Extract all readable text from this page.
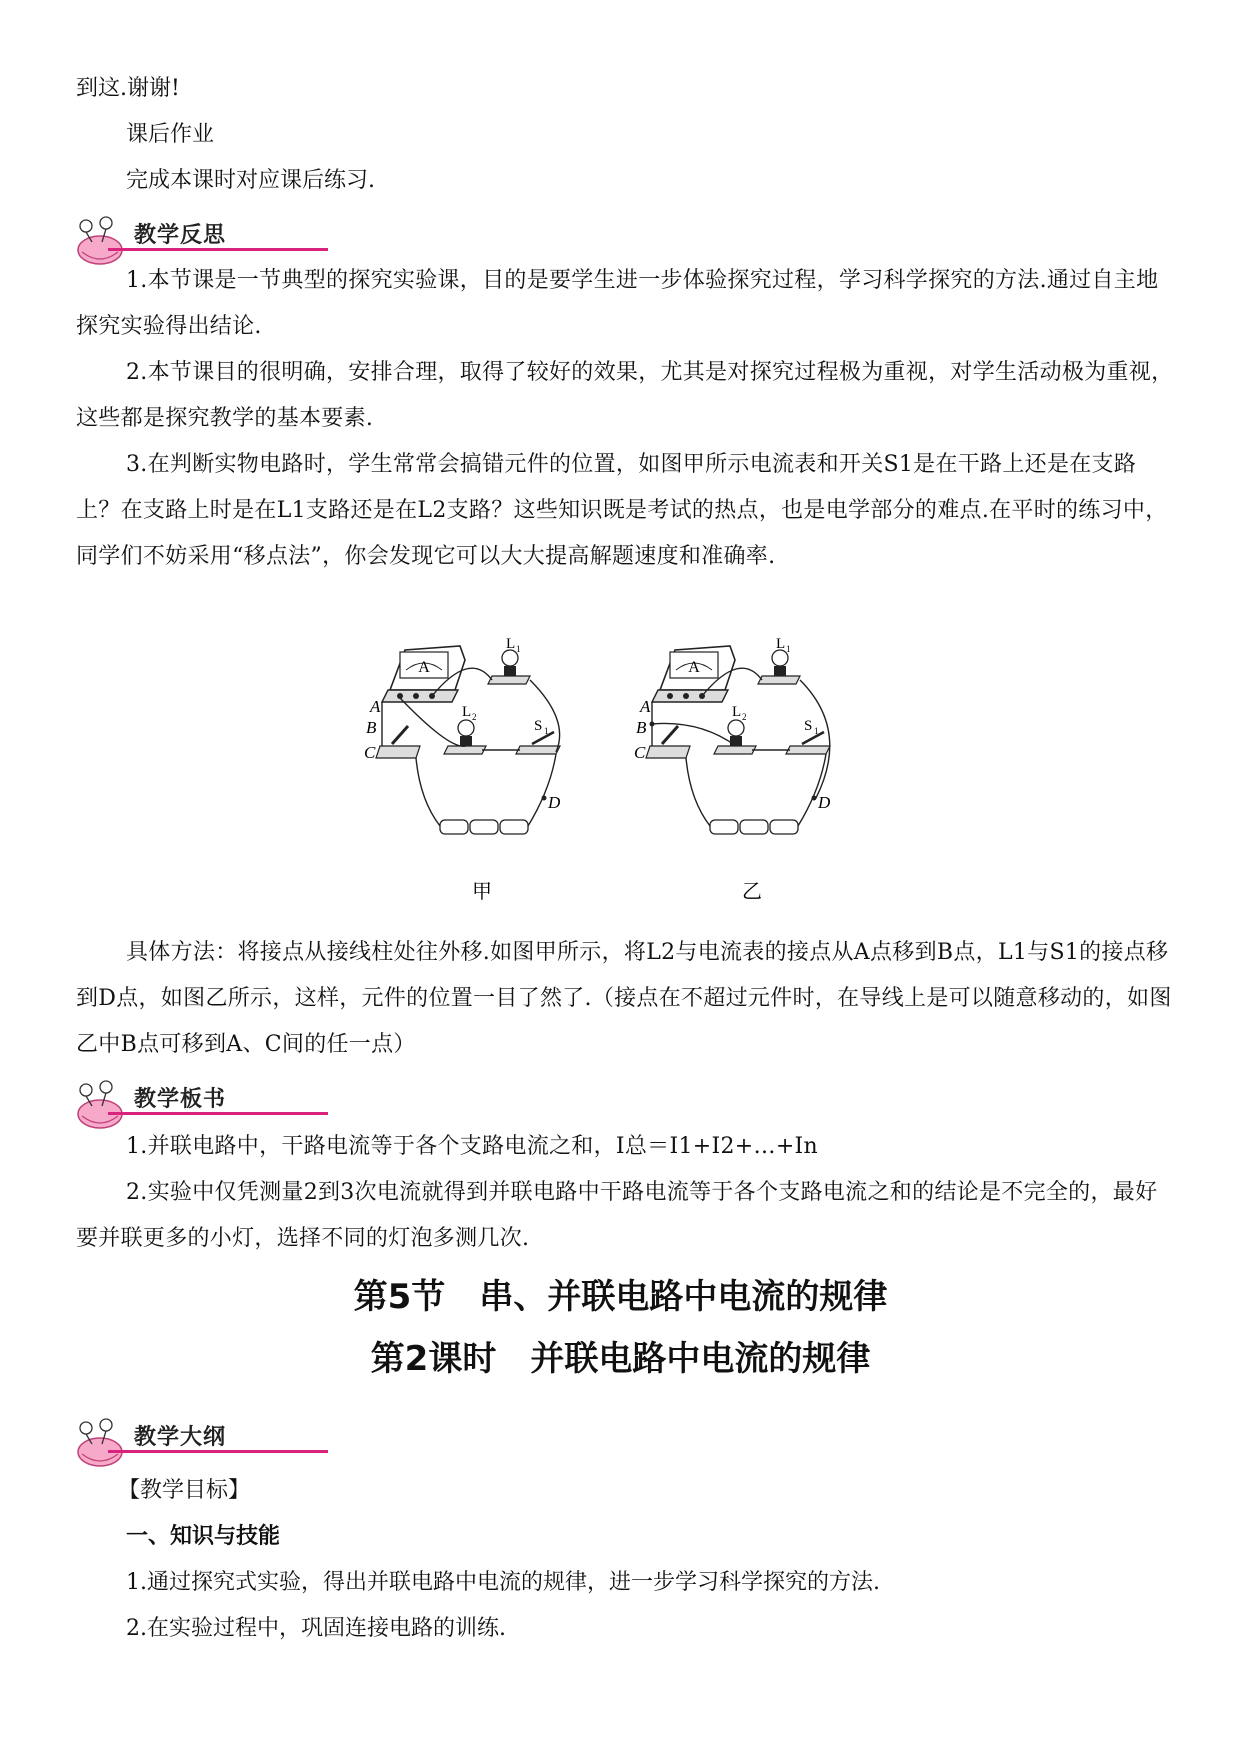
到这.谢谢!
课后作业
完成本课时对应课后练习.
教学反思

1.本节课是一节典型的探究实验课，目的是要学生进一步体验探究过程，学习科学探究的方法.通过自主地探究实验得出结论.

2.本节课目的很明确，安排合理，取得了较好的效果，尤其是对探究过程极为重视，对学生活动极为重视，这些都是探究教学的基本要素.

3.在判断实物电路时，学生常常会搞错元件的位置，如图甲所示电流表和开关S1是在干路上还是在支路上？在支路上时是在L1支路还是在L2支路？这些知识既是考试的热点，也是电学部分的难点.在平时的练习中，同学们不妨采用“移点法”，你会发现它可以大大提高解题速度和准确率.

A
A
B
C
D
L 1
L 2
S 1
甲
A
A
B
C
D
L 1
L 2
S 1
乙

具体方法：将接点从接线柱处往外移.如图甲所示，将L2与电流表的接点从A点移到B点，L1与S1的接点移到D点，如图乙所示，这样，元件的位置一目了然了.（接点在不超过元件时，在导线上是可以随意移动的，如图乙中B点可移到A、C间的任一点）

教学板书

1.并联电路中，干路电流等于各个支路电流之和，I总＝I1+I2+…+In

2.实验中仅凭测量2到3次电流就得到并联电路中干路电流等于各个支路电流之和的结论是不完全的，最好要并联更多的小灯，选择不同的灯泡多测几次.

第5节　串、并联电路中电流的规律
第2课时　并联电路中电流的规律
教学大纲
【教学目标】
一、知识与技能
1.通过探究式实验，得出并联电路中电流的规律，进一步学习科学探究的方法.
2.在实验过程中，巩固连接电路的训练.
